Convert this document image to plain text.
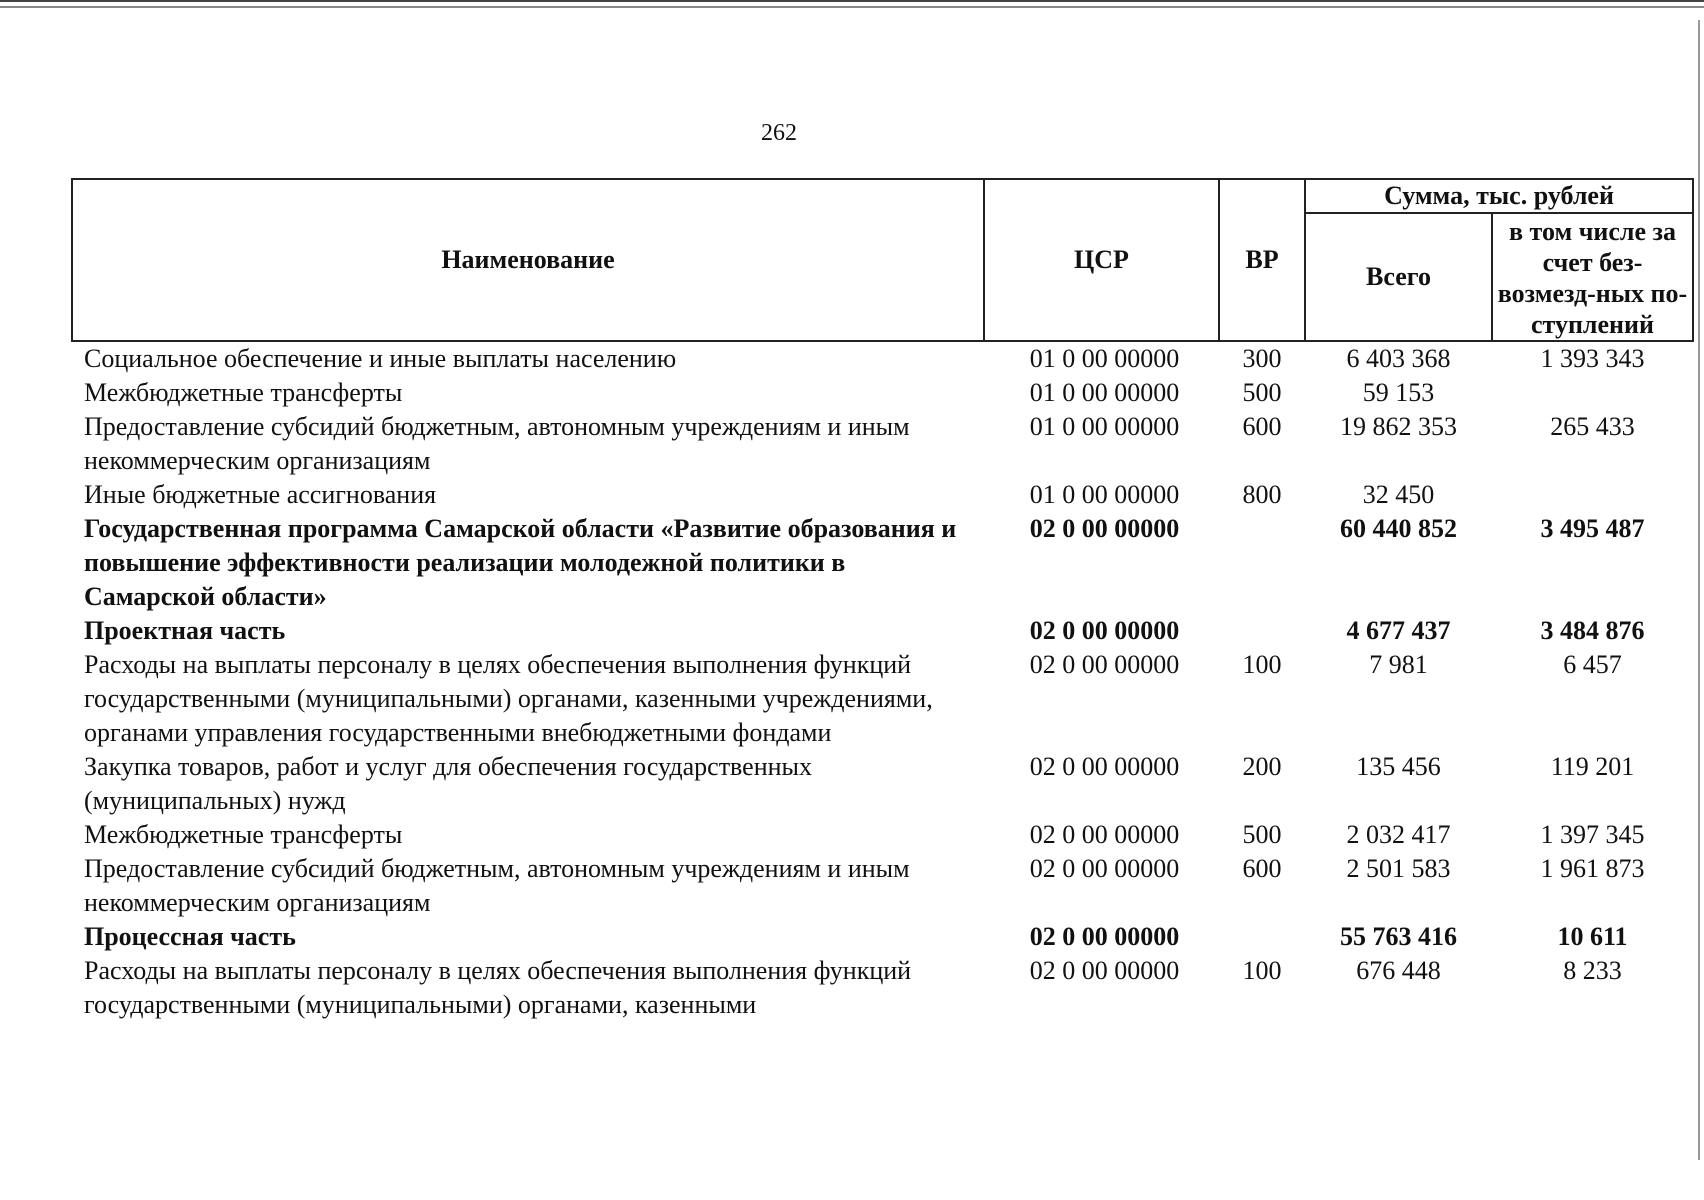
262
Наименование	ЦСР	ВР	Сумма, тыс. рублей	
			Всего	в том числе за счет без-возмезд-ных по-ступлений
Социальное обеспечение и иные выплаты населению	01 0 00 00000	300	6 403 368	1 393 343
Межбюджетные трансферты	01 0 00 00000	500	59 153	
Предоставление субсидий бюджетным, автономным учреждениям и иным некоммерческим организациям	01 0 00 00000	600	19 862 353	265 433
Иные бюджетные ассигнования	01 0 00 00000	800	32 450	
Государственная программа Самарской области «Развитие образования и повышение эффективности реализации молодежной политики в Самарской области»	02 0 00 00000		60 440 852	3 495 487
Проектная часть	02 0 00 00000		4 677 437	3 484 876
Расходы на выплаты персоналу в целях обеспечения выполнения функций государственными (муниципальными) органами, казенными учреждениями, органами управления государственными внебюджетными фондами	02 0 00 00000	100	7 981	6 457
Закупка товаров, работ и услуг для обеспечения государственных (муниципальных) нужд	02 0 00 00000	200	135 456	119 201
Межбюджетные трансферты	02 0 00 00000	500	2 032 417	1 397 345
Предоставление субсидий бюджетным, автономным учреждениям и иным некоммерческим организациям	02 0 00 00000	600	2 501 583	1 961 873
Процессная часть	02 0 00 00000		55 763 416	10 611
Расходы на выплаты персоналу в целях обеспечения выполнения функций государственными (муниципальными) органами, казенными	02 0 00 00000	100	676 448	8 233
